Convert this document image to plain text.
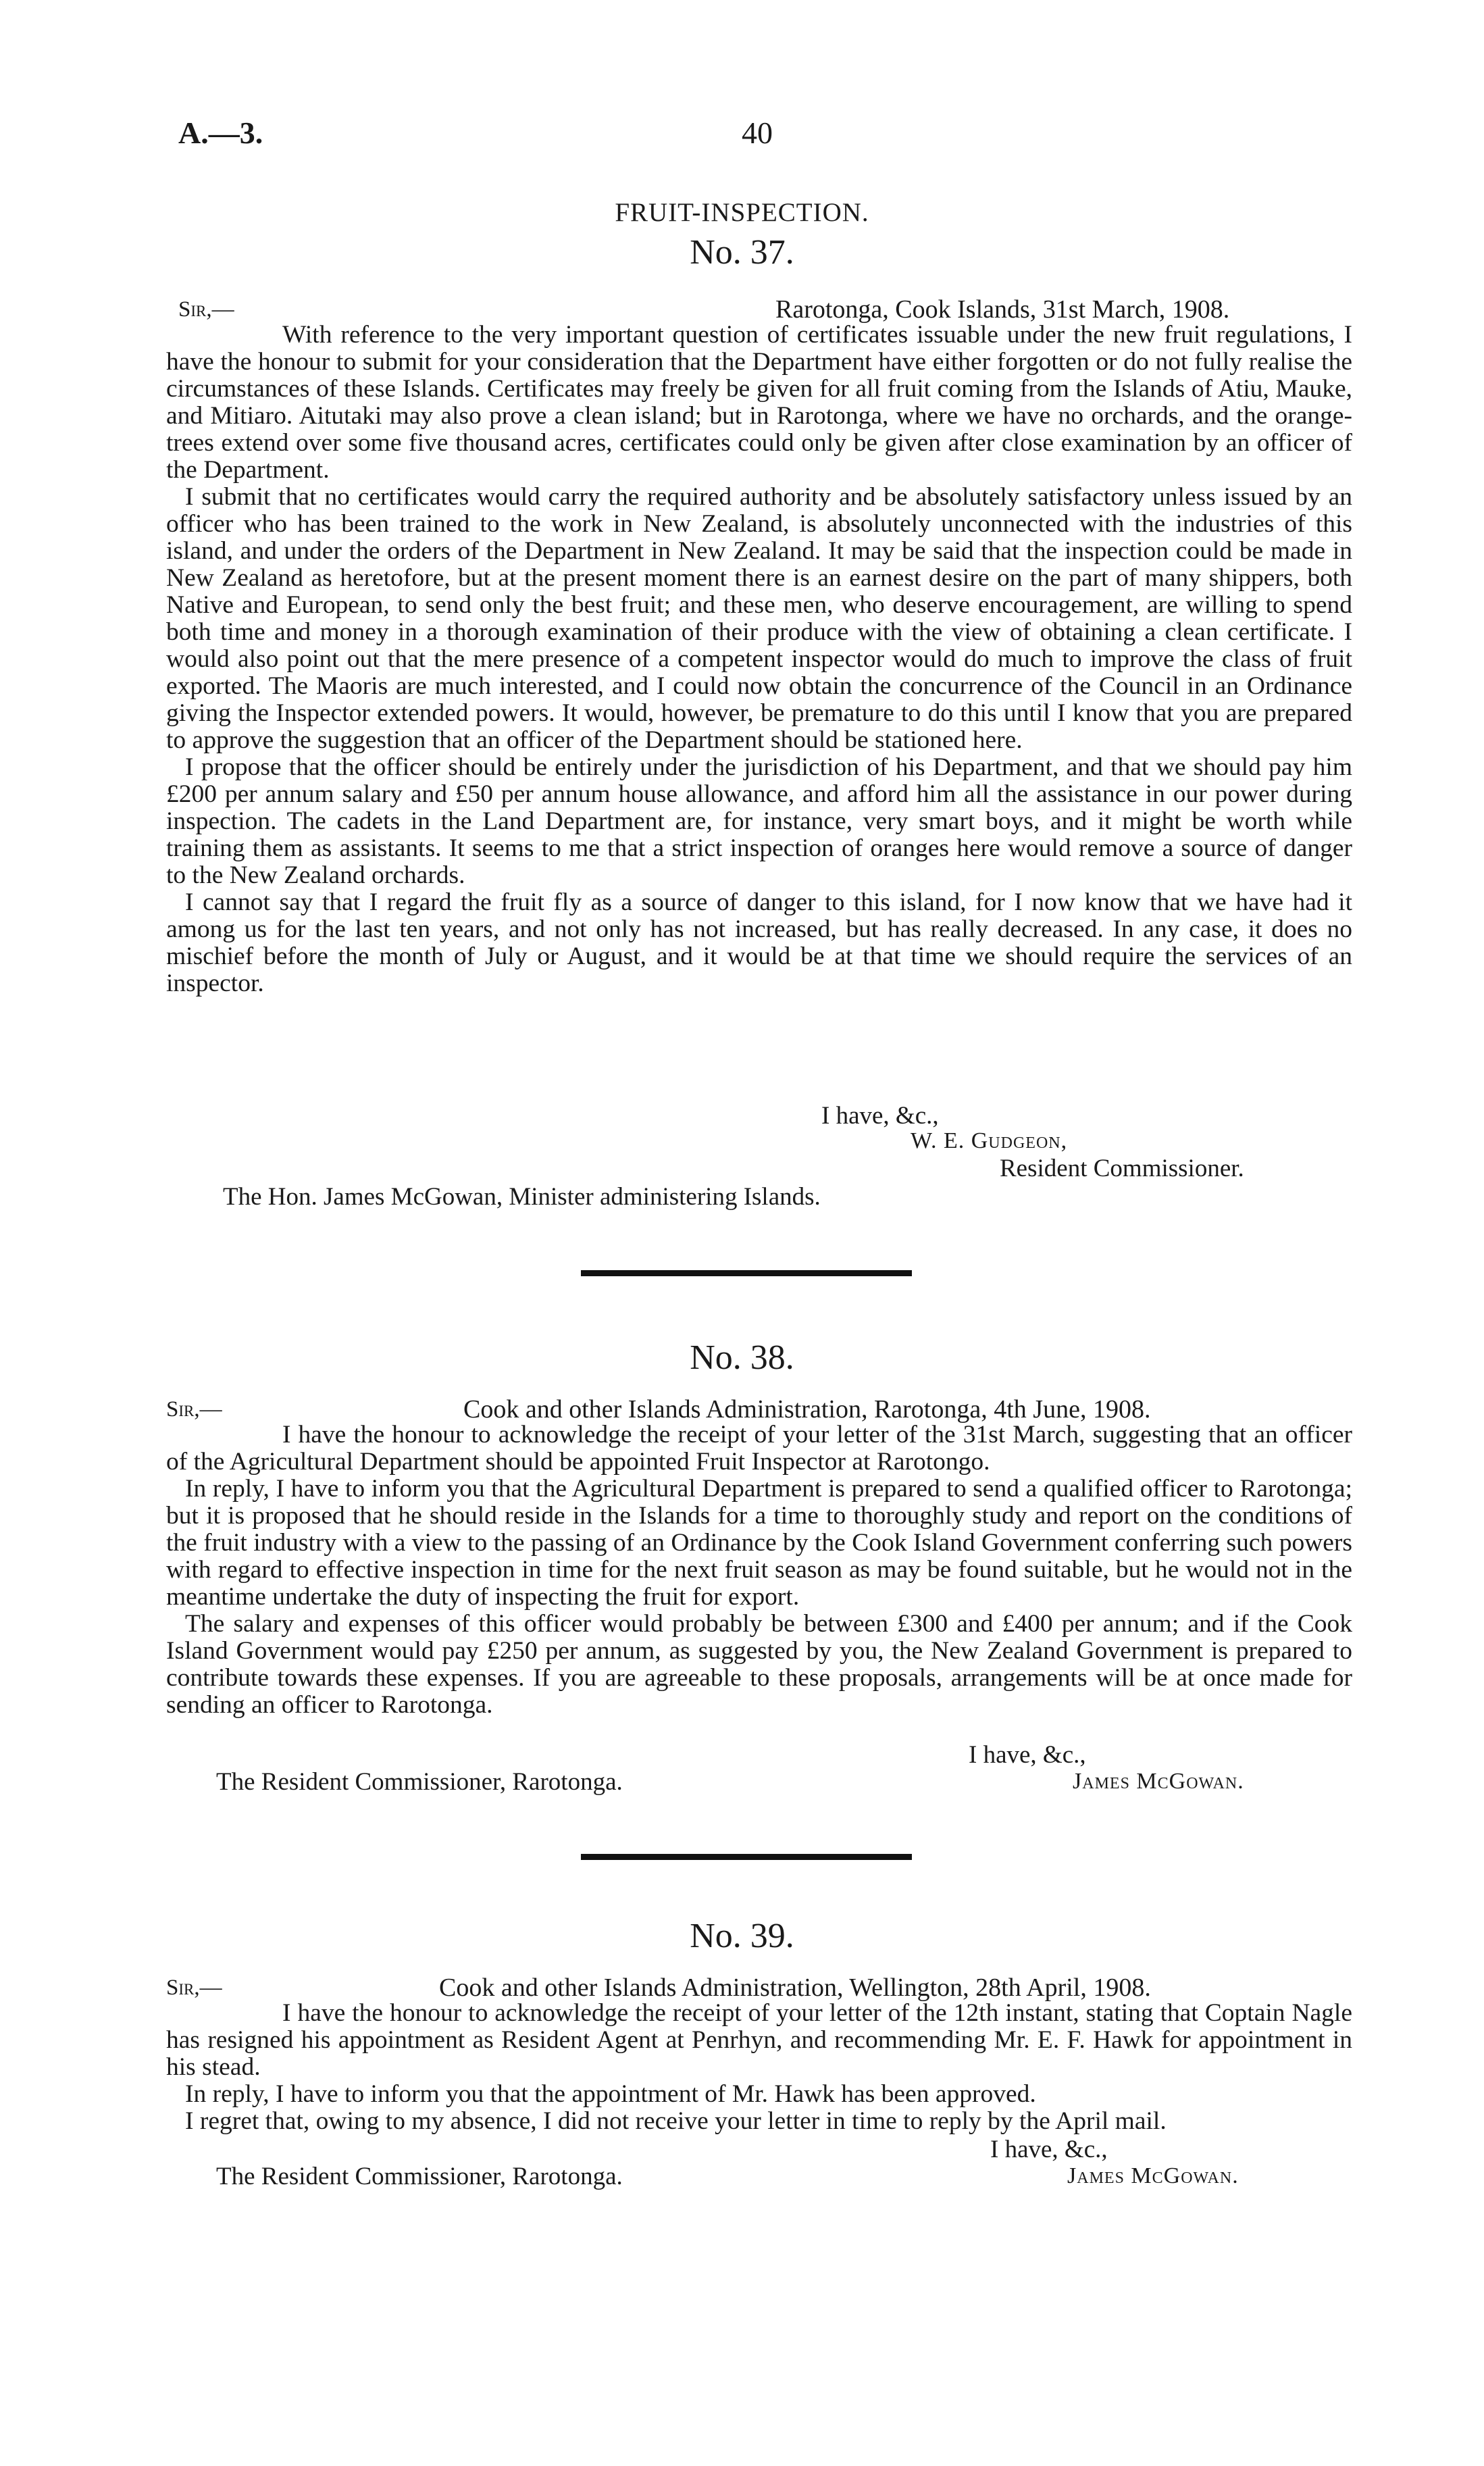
A.—3.	40
FRUIT-INSPECTION.
No. 37.
Sir,—	Rarotonga, Cook Islands, 31st March, 1908.

With reference to the very important question of certificates issuable under the new fruit regulations, I have the honour to submit for your consideration that the Department have either forgotten or do not fully realise the circumstances of these Islands. Certificates may freely be given for all fruit coming from the Islands of Atiu, Mauke, and Mitiaro. Aitutaki may also prove a clean island; but in Rarotonga, where we have no orchards, and the orange-trees extend over some five thousand acres, certificates could only be given after close examination by an officer of the Department.

I submit that no certificates would carry the required authority and be absolutely satisfactory unless issued by an officer who has been trained to the work in New Zealand, is absolutely unconnected with the industries of this island, and under the orders of the Department in New Zealand. It may be said that the inspection could be made in New Zealand as heretofore, but at the present moment there is an earnest desire on the part of many shippers, both Native and European, to send only the best fruit; and these men, who deserve encouragement, are willing to spend both time and money in a thorough examination of their produce with the view of obtaining a clean certificate. I would also point out that the mere presence of a competent inspector would do much to improve the class of fruit exported. The Maoris are much interested, and I could now obtain the concurrence of the Council in an Ordinance giving the Inspector extended powers. It would, however, be premature to do this until I know that you are prepared to approve the suggestion that an officer of the Department should be stationed here.

I propose that the officer should be entirely under the jurisdiction of his Department, and that we should pay him £200 per annum salary and £50 per annum house allowance, and afford him all the assistance in our power during inspection. The cadets in the Land Department are, for instance, very smart boys, and it might be worth while training them as assistants. It seems to me that a strict inspection of oranges here would remove a source of danger to the New Zealand orchards.

I cannot say that I regard the fruit fly as a source of danger to this island, for I now know that we have had it among us for the last ten years, and not only has not increased, but has really decreased. In any case, it does no mischief before the month of July or August, and it would be at that time we should require the services of an inspector.

I have, &c.,
W. E. Gudgeon,
Resident Commissioner.
The Hon. James McGowan, Minister administering Islands.
No. 38.
Sir,—	Cook and other Islands Administration, Rarotonga, 4th June, 1908.

I have the honour to acknowledge the receipt of your letter of the 31st March, suggesting that an officer of the Agricultural Department should be appointed Fruit Inspector at Rarotongo.

In reply, I have to inform you that the Agricultural Department is prepared to send a qualified officer to Rarotonga; but it is proposed that he should reside in the Islands for a time to thoroughly study and report on the conditions of the fruit industry with a view to the passing of an Ordinance by the Cook Island Government conferring such powers with regard to effective inspection in time for the next fruit season as may be found suitable, but he would not in the meantime undertake the duty of inspecting the fruit for export.

The salary and expenses of this officer would probably be between £300 and £400 per annum; and if the Cook Island Government would pay £250 per annum, as suggested by you, the New Zealand Government is prepared to contribute towards these expenses. If you are agreeable to these proposals, arrangements will be at once made for sending an officer to Rarotonga.

I have, &c.,
The Resident Commissioner, Rarotonga.	James McGowan.
No. 39.
Sir,—	Cook and other Islands Administration, Wellington, 28th April, 1908.

I have the honour to acknowledge the receipt of your letter of the 12th instant, stating that Coptain Nagle has resigned his appointment as Resident Agent at Penrhyn, and recommending Mr. E. F. Hawk for appointment in his stead.

In reply, I have to inform you that the appointment of Mr. Hawk has been approved.

I regret that, owing to my absence, I did not receive your letter in time to reply by the April mail.

I have, &c.,
The Resident Commissioner, Rarotonga.	James McGowan.
